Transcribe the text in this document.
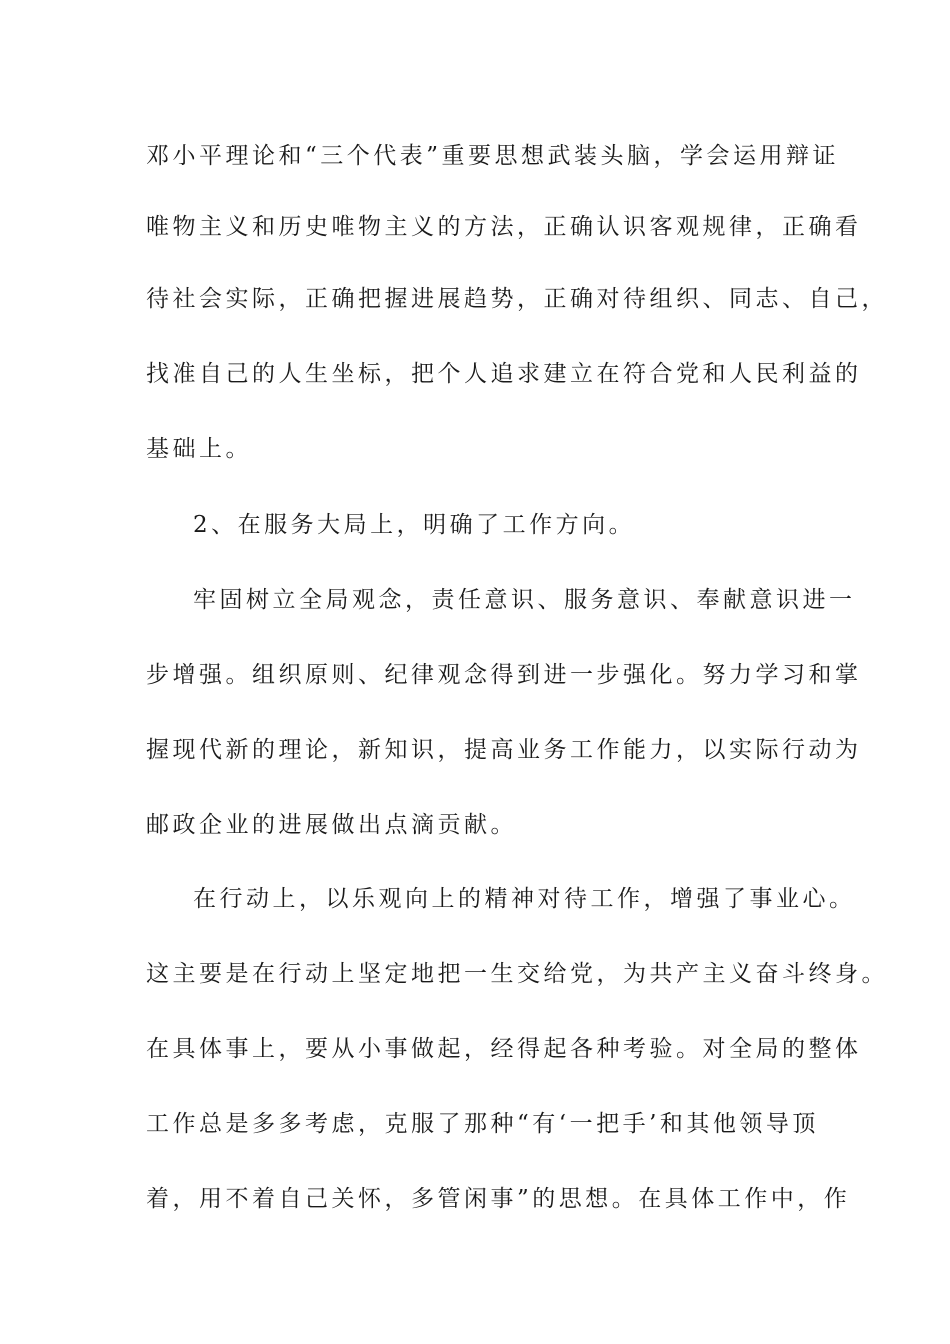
邓小平理论和“三个代表”重要思想武装头脑，学会运用辩证
唯物主义和历史唯物主义的方法，正确认识客观规律，正确看
待社会实际，正确把握进展趋势，正确对待组织、同志、自己，
找准自己的人生坐标，把个人追求建立在符合党和人民利益的
基础上。
2、在服务大局上，明确了工作方向。
牢固树立全局观念，责任意识、服务意识、奉献意识进一
步增强。组织原则、纪律观念得到进一步强化。努力学习和掌
握现代新的理论，新知识，提高业务工作能力，以实际行动为
邮政企业的进展做出点滴贡献。
在行动上，以乐观向上的精神对待工作，增强了事业心。
这主要是在行动上坚定地把一生交给党，为共产主义奋斗终身。
在具体事上，要从小事做起，经得起各种考验。对全局的整体
工作总是多多考虑，克服了那种“有‘一把手’和其他领导顶
着，用不着自己关怀，多管闲事”的思想。在具体工作中，作
